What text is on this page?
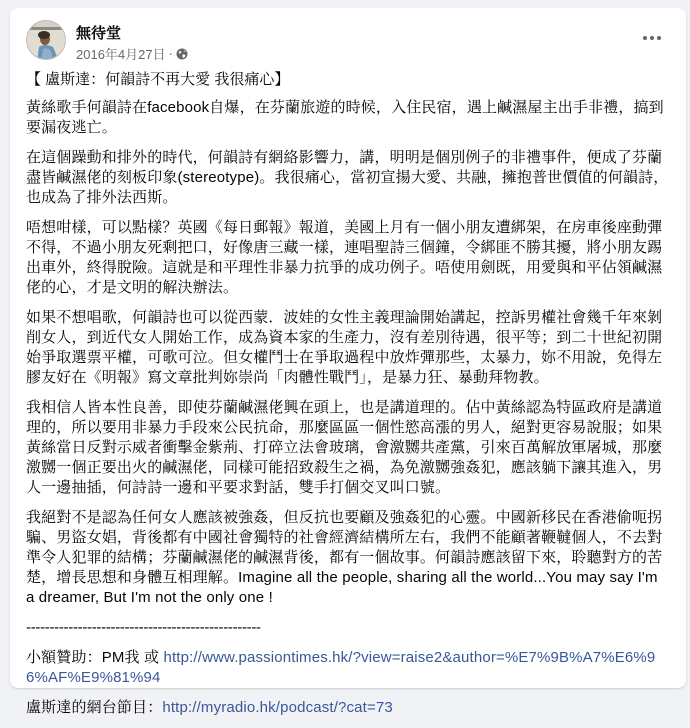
無待堂
2016年4月27日 ·

【 盧斯達：何韻詩不再大愛 我很痛心】

黃絲歌手何韻詩在facebook自爆，在芬蘭旅遊的時候，入住民宿，遇上鹹濕屋主出手非禮，搞到要漏夜逃亡。

在這個躁動和排外的時代，何韻詩有網絡影響力，講，明明是個別例子的非禮事件，便成了芬蘭盡皆鹹濕佬的刻板印象(stereotype)。我很痛心，當初宣揚大愛、共融，擁抱普世價值的何韻詩，也成為了排外法西斯。

唔想咁樣，可以點樣？英國《每日郵報》報道，美國上月有一個小朋友遭綁架，在房車後座動彈不得，不過小朋友死剩把口，好像唐三藏一樣，連唱聖詩三個鐘，令綁匪不勝其擾，將小朋友踢出車外，終得脫險。這就是和平理性非暴力抗爭的成功例子。唔使用劍既，用愛與和平佔領鹹濕佬的心，才是文明的解決辦法。

如果不想唱歌，何韻詩也可以從西蒙．波娃的女性主義理論開始講起，控訴男權社會幾千年來剝削女人，到近代女人開始工作，成為資本家的生產力，沒有差別待遇，很平等；到二十世紀初開始爭取選票平權，可歌可泣。但女權鬥士在爭取過程中放炸彈那些，太暴力，妳不用說，免得左膠友好在《明報》寫文章批判妳崇尚「肉體性戰鬥」，是暴力狂、暴動拜物教。

我相信人皆本性良善，即使芬蘭鹹濕佬興在頭上，也是講道理的。佔中黃絲認為特區政府是講道理的，所以要用非暴力手段來公民抗命，那麼區區一個性慾高漲的男人，絕對更容易說服；如果黃絲當日反對示威者衝擊金紫荊、打碎立法會玻璃，會激嬲共產黨，引來百萬解放軍屠城，那麼激嬲一個正要出火的鹹濕佬，同樣可能招致殺生之禍，為免激嬲強姦犯，應該躺下讓其進入，男人一邊抽插，何詩詩一邊和平要求對話，雙手打個交叉叫口號。

我絕對不是認為任何女人應該被強姦，但反抗也要顧及強姦犯的心靈。中國新移民在香港偷呃拐騙、男盜女娼，背後都有中國社會獨特的社會經濟結構所左右，我們不能顧著鞭韃個人，不去對準令人犯罪的結構；芬蘭鹹濕佬的鹹濕背後，都有一個故事。何韻詩應該留下來，聆聽對方的苦楚，增長思想和身體互相理解。Imagine all the people, sharing all the world...You may say I'm a dreamer, But I'm not the only one !

--------------------------------------------------

小額贊助：PM我 或 http://www.passiontimes.hk/?view=raise2&author=%E7%9B%A7%E6%96%AF%E9%81%94

盧斯達的網台節目：http://myradio.hk/podcast/?cat=73
